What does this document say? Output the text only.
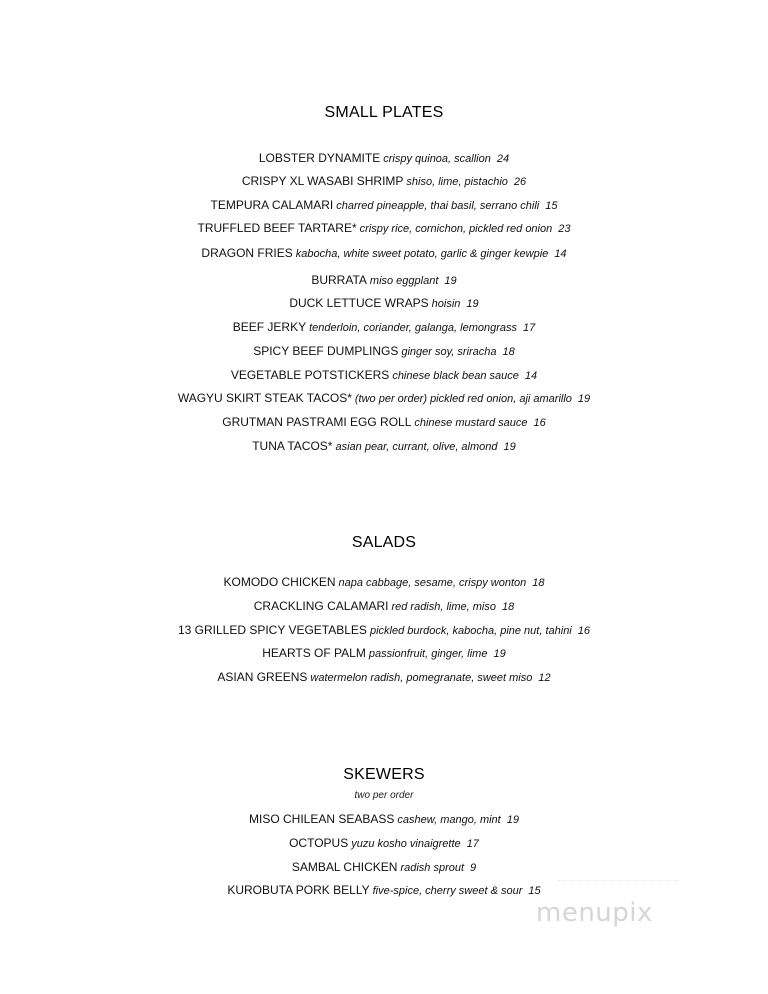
SMALL PLATES
LOBSTER DYNAMITE crispy quinoa, scallion 24
CRISPY XL WASABI SHRIMP shiso, lime, pistachio 26
TEMPURA CALAMARI charred pineapple, thai basil, serrano chili 15
TRUFFLED BEEF TARTARE* crispy rice, cornichon, pickled red onion 23
DRAGON FRIES kabocha, white sweet potato, garlic & ginger kewpie 14
BURRATA miso eggplant 19
DUCK LETTUCE WRAPS hoisin 19
BEEF JERKY tenderloin, coriander, galanga, lemongrass 17
SPICY BEEF DUMPLINGS ginger soy, sriracha 18
VEGETABLE POTSTICKERS chinese black bean sauce 14
WAGYU SKIRT STEAK TACOS* (two per order) pickled red onion, aji amarillo 19
GRUTMAN PASTRAMI EGG ROLL chinese mustard sauce 16
TUNA TACOS* asian pear, currant, olive, almond 19
SALADS
KOMODO CHICKEN napa cabbage, sesame, crispy wonton 18
CRACKLING CALAMARI red radish, lime, miso 18
13 GRILLED SPICY VEGETABLES pickled burdock, kabocha, pine nut, tahini 16
HEARTS OF PALM passionfruit, ginger, lime 19
ASIAN GREENS watermelon radish, pomegranate, sweet miso 12
SKEWERS
two per order
MISO CHILEAN SEABASS cashew, mango, mint 19
OCTOPUS yuzu kosho vinaigrette 17
SAMBAL CHICKEN radish sprout 9
KUROBUTA PORK BELLY five-spice, cherry sweet & sour 15
menupix
